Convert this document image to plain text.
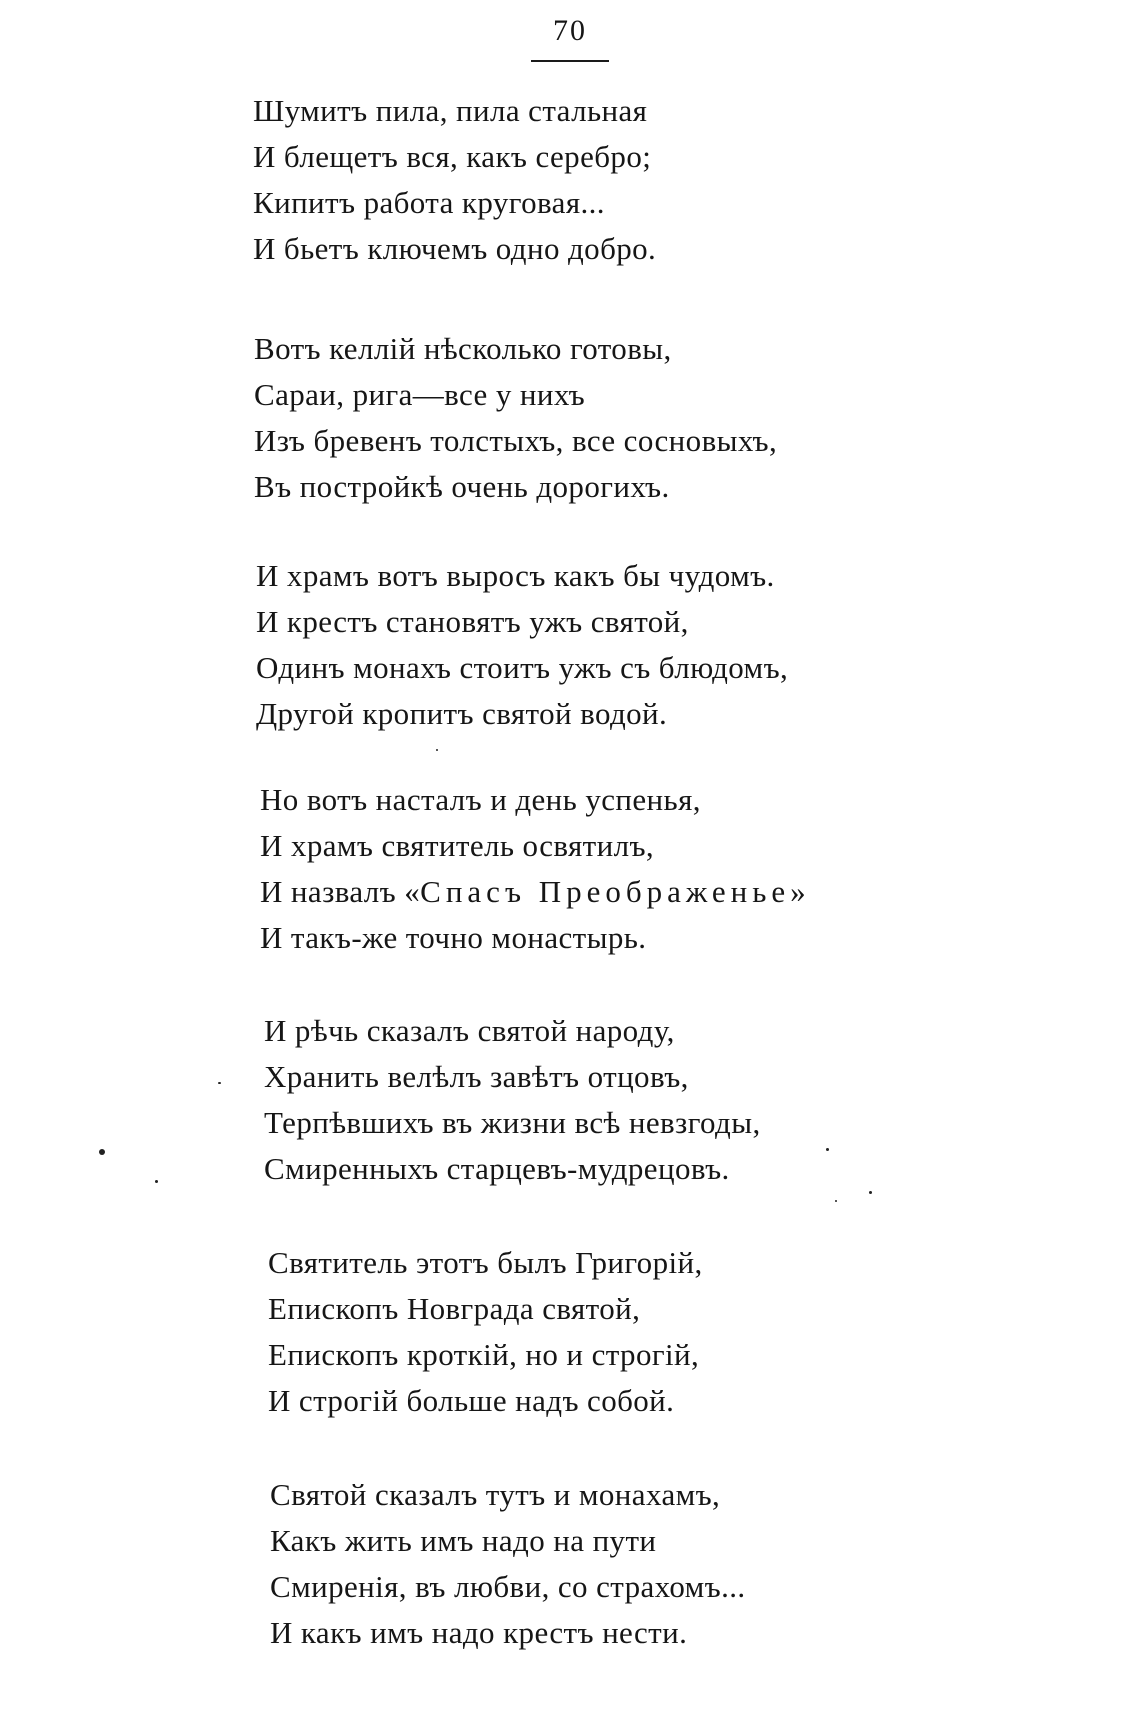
70
Шумитъ пила, пила стальная
И блещетъ вся, какъ серебро;
Кипитъ работа круговая...
И бьетъ ключемъ одно добро.
Вотъ келлій нѣсколько готовы,
Сараи, рига—все у нихъ
Изъ бревенъ толстыхъ, все сосновыхъ,
Въ постройкѣ очень дорогихъ.
И храмъ вотъ выросъ какъ бы чудомъ.
И крестъ становятъ ужъ святой,
Одинъ монахъ стоитъ ужъ съ блюдомъ,
Другой кропитъ святой водой.
Но вотъ насталъ и день успенья,
И храмъ святитель освятилъ,
И назвалъ «Спасъ Преображенье»
И такъ-же точно монастырь.
И рѣчь сказалъ святой народу,
Хранить велѣлъ завѣтъ отцовъ,
Терпѣвшихъ въ жизни всѣ невзгоды,
Смиренныхъ старцевъ-мудрецовъ.
Святитель этотъ былъ Григорій,
Епископъ Новграда святой,
Епископъ кроткій, но и строгій,
И строгій больше надъ собой.
Святой сказалъ тутъ и монахамъ,
Какъ жить имъ надо на пути
Смиренія, въ любви, со страхомъ...
И какъ имъ надо крестъ нести.
